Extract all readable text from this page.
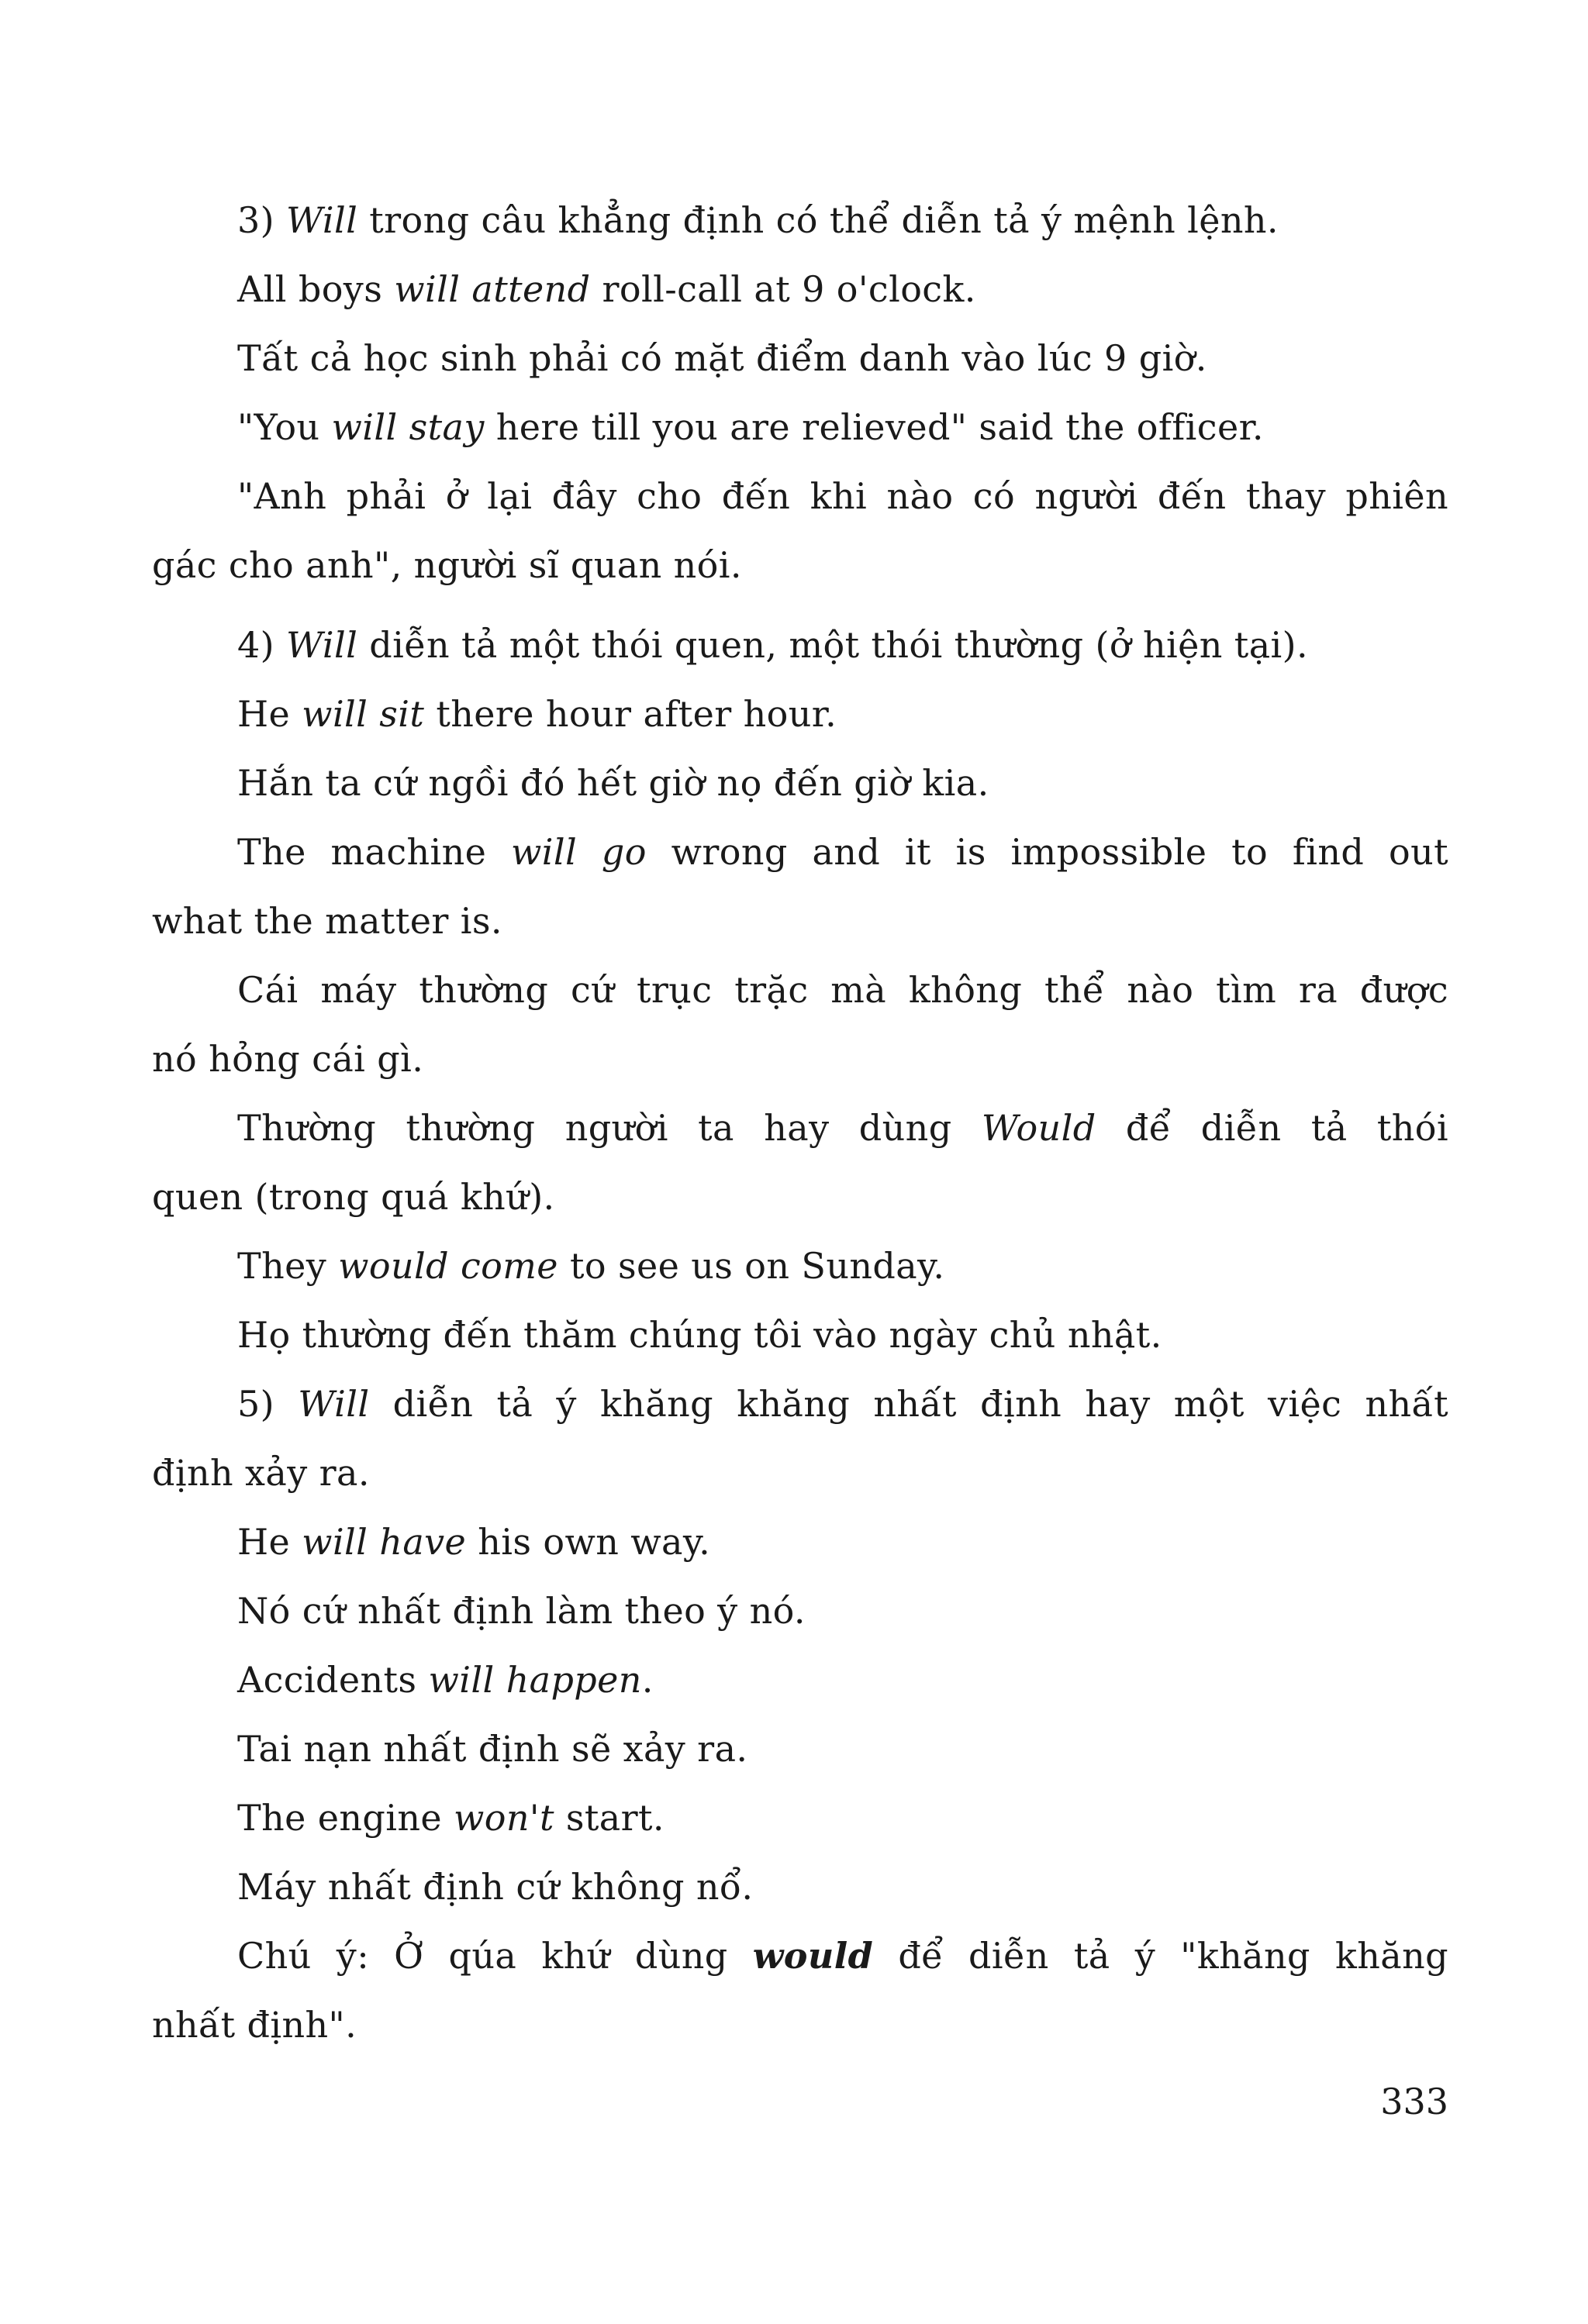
3) Will trong câu khẳng định có thể diễn tả ý mệnh lệnh.

All boys will attend roll-call at 9 o'clock.

Tất cả học sinh phải có mặt điểm danh vào lúc 9 giờ.

"You will stay here till you are relieved" said the officer.

"Anh phải ở lại đây cho đến khi nào có người đến thay phiên

gác cho anh", người sĩ quan nói.

4) Will diễn tả một thói quen, một thói thường (ở hiện tại).

He will sit there hour after hour.

Hắn ta cứ ngồi đó hết giờ nọ đến giờ kia.

The machine will go wrong and it is impossible to find out

what the matter is.

Cái máy thường cứ trục trặc mà không thể nào tìm ra được

nó hỏng cái gì.

Thường thường người ta hay dùng Would để diễn tả thói

quen (trong quá khứ).

They would come to see us on Sunday.

Họ thường đến thăm chúng tôi vào ngày chủ nhật.

5) Will diễn tả ý khăng khăng nhất định hay một việc nhất

định xảy ra.

He will have his own way.

Nó cứ nhất định làm theo ý nó.

Accidents will happen.

Tai nạn nhất định sẽ xảy ra.

The engine won't start.

Máy nhất định cứ không nổ.

Chú ý: Ở qúa khứ dùng would để diễn tả ý "khăng khăng

nhất định".

333
